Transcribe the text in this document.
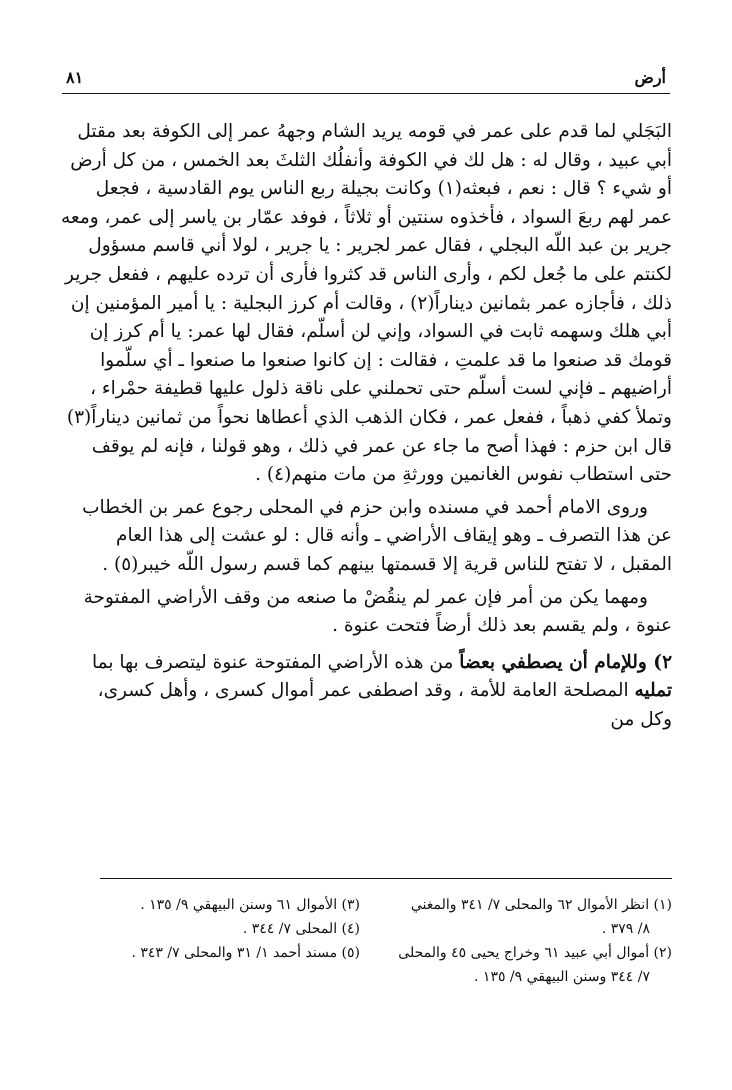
٨١	أرض

البَجَلي لما قدم على عمر في قومه يريد الشام وجههُ عمر إلى الكوفة بعد مقتل أبي عبيد ، وقال له : هل لك في الكوفة وأنفلُك الثلثَ بعد الخمس ، من كل أرض أو شيء ؟ قال : نعم ، فبعثه(١) وكانت بجيلة ربع الناس يوم القادسية ، فجعل عمر لهم ربعَ السواد ، فأخذوه سنتين أو ثلاثاً ، فوفد عمّار بن ياسر إلى عمر، ومعه جرير بن عبد اللّه البجلي ، فقال عمر لجرير : يا جرير ، لولا أني قاسم مسؤول لكنتم على ما جُعل لكم ، وأرى الناس قد كثروا فأرى أن ترده عليهم ، ففعل جرير ذلك ، فأجازه عمر بثمانين ديناراً(٢) ، وقالت أم كرز البجلية : يا أمير المؤمنين إن أبي هلك وسهمه ثابت في السواد، وإني لن أسلّم، فقال لها عمر: يا أم كرز إن قومك قد صنعوا ما قد علمتِ ، فقالت : إن كانوا صنعوا ما صنعوا ـ أي سلّموا أراضيهم ـ فإني لست أسلّم حتى تحملني على ناقة ذلول عليها قطيفة حمْراء ، وتملأ كفي ذهباً ، ففعل عمر ، فكان الذهب الذي أعطاها نحواً من ثمانين ديناراً(٣) قال ابن حزم : فهذا أصح ما جاء عن عمر في ذلك ، وهو قولنا ، فإنه لم يوقف حتى استطاب نفوس الغانمين وورثةِ من مات منهم(٤) .

وروى الامام أحمد في مسنده وابن حزم في المحلى رجوع عمر بن الخطاب عن هذا التصرف ـ وهو إيقاف الأراضي ـ وأنه قال : لو عشت إلى هذا العام المقبل ، لا تفتح للناس قرية إلا قسمتها بينهم كما قسم رسول اللّه خيبر(٥) .

ومهما يكن من أمر فإن عمر لم ينقُضْ ما صنعه من وقف الأراضي المفتوحة عنوة ، ولم يقسم بعد ذلك أرضاً فتحت عنوة .

٢) وللإمام أن يصطفي بعضاً من هذه الأراضي المفتوحة عنوة ليتصرف بها بما تمليه المصلحة العامة للأمة ، وقد اصطفى عمر أموال كسرى ، وأهل كسرى، وكل من

(١) انظر الأموال ٦٢ والمحلى ٧/ ٣٤١ والمغني

٨/ ٣٧٩ .

(٢) أموال أبي عبيد ٦١ وخراج يحيى ٤٥ والمحلى

٧/ ٣٤٤ وسنن البيهقي ٩/ ١٣٥ .

(٣) الأموال ٦١ وسنن البيهقي ٩/ ١٣٥ .

(٤) المحلى ٧/ ٣٤٤ .

(٥) مسند أحمد ١/ ٣١ والمحلى ٧/ ٣٤٣ .
